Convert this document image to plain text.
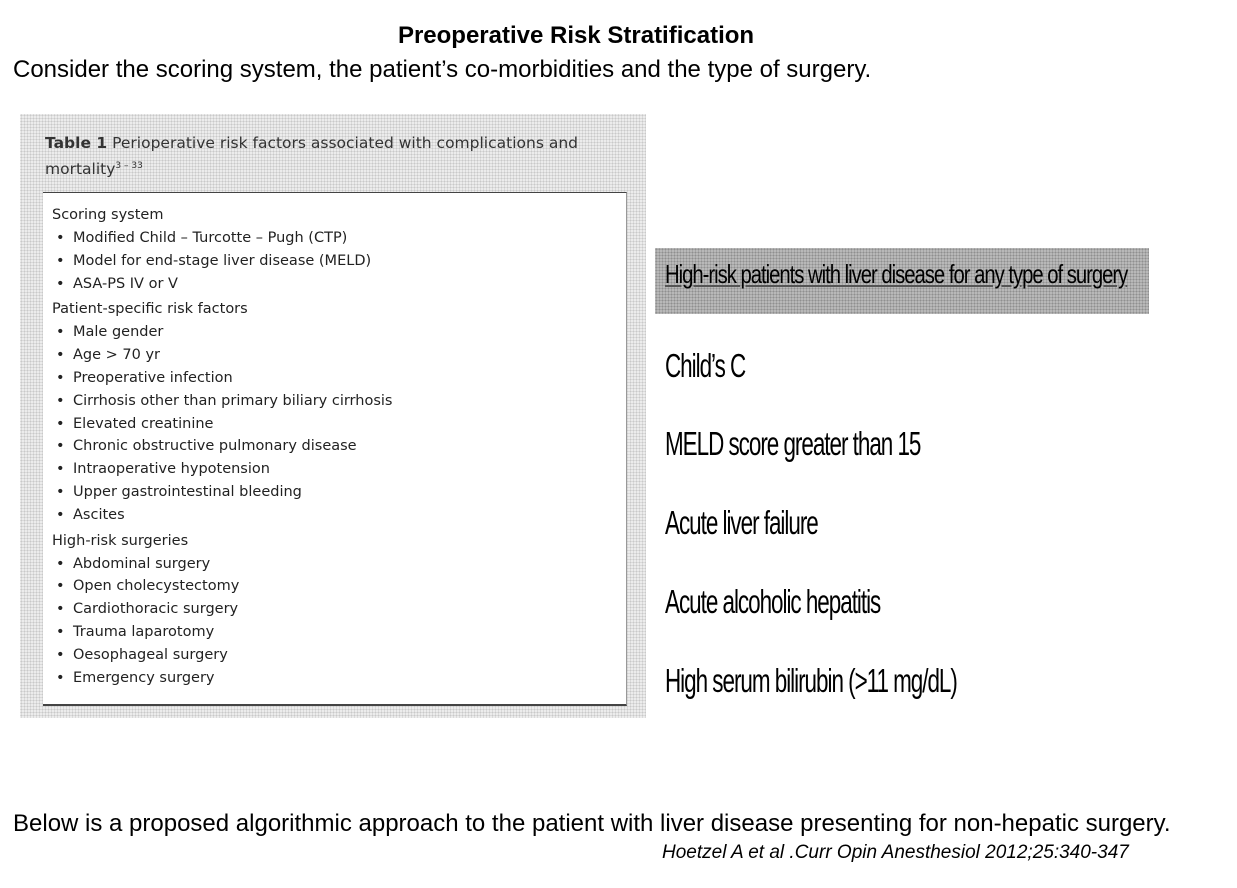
Preoperative Risk Stratification
Consider the scoring system, the patient’s co-morbidities and the type of surgery.
Table 1 Perioperative risk factors associated with complications and mortality$^{3 - 33}$
Scoring system
• Modified Child – Turcotte – Pugh (CTP)
• Model for end-stage liver disease (MELD)
• ASA-PS IV or V
Patient-specific risk factors
• Male gender
• Age > 70 yr
• Preoperative infection
• Cirrhosis other than primary biliary cirrhosis
• Elevated creatinine
• Chronic obstructive pulmonary disease
• Intraoperative hypotension
• Upper gastrointestinal bleeding
• Ascites
High-risk surgeries
• Abdominal surgery
• Open cholecystectomy
• Cardiothoracic surgery
• Trauma laparotomy
• Oesophageal surgery
• Emergency surgery
High-risk patients with liver disease for any type of surgery
Child’s C
MELD score greater than 15
Acute liver failure
Acute alcoholic hepatitis
High serum bilirubin (>11 mg/dL)
Below is a proposed algorithmic approach to the patient with liver disease presenting for non-hepatic surgery.
Hoetzel A et al .Curr Opin Anesthesiol 2012;25:340-347
